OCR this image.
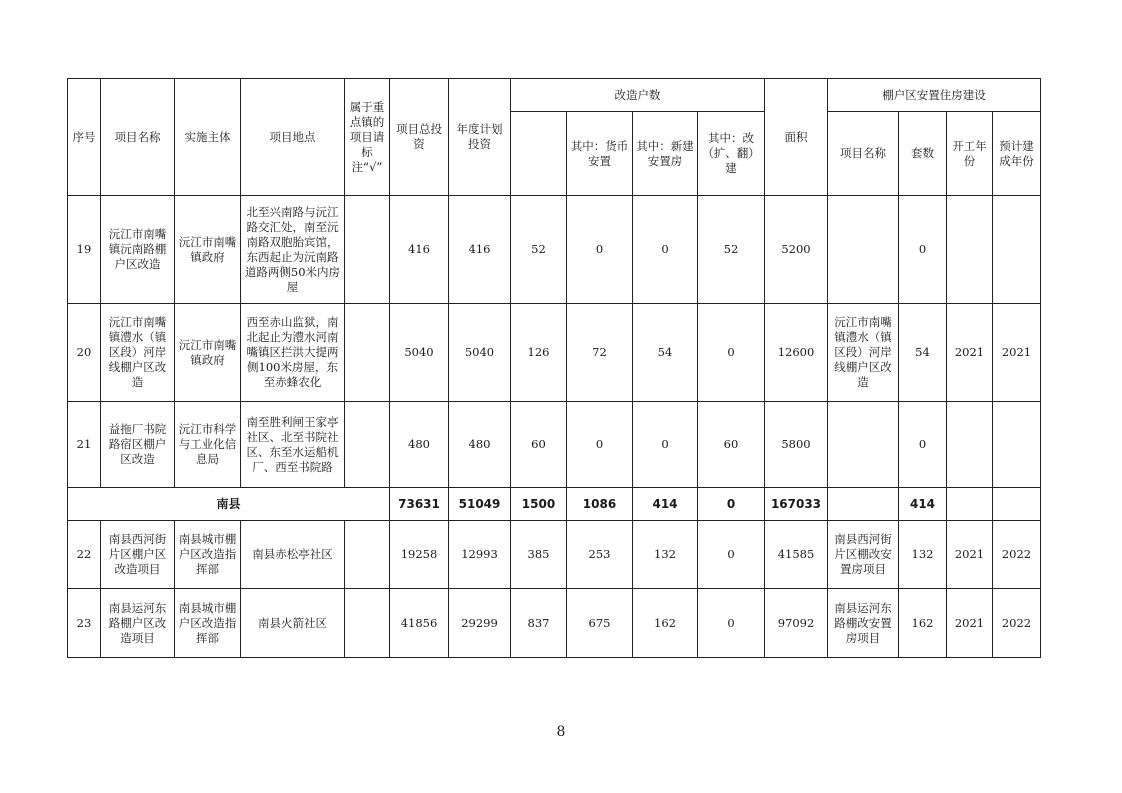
序号	项目名称	实施主体	项目地点	属于重点镇的项目请标注“√”	项目总投资	年度计划投资	改造户数				面积	棚户区安置住房建设			
								其中：货币安置	其中：新建安置房	其中：改（扩、翻）建		项目名称	套数	开工年份	预计建成年份
19	沅江市南嘴镇沅南路棚户区改造	沅江市南嘴镇政府	北至兴南路与沅江路交汇处，南至沅南路双胞胎宾馆，东西起止为沅南路道路两侧50米内房屋		416	416	52	0	0	52	5200		0		
20	沅江市南嘴镇澧水（镇区段）河岸线棚户区改造	沅江市南嘴镇政府	西至赤山监狱，南北起止为澧水河南嘴镇区拦洪大提两侧100米房屋，东至赤蜂农化		5040	5040	126	72	54	0	12600	沅江市南嘴镇澧水（镇区段）河岸线棚户区改造	54	2021	2021
21	益拖厂书院路宿区棚户区改造	沅江市科学与工业化信息局	南至胜利闸王家亭社区、北至书院社区、东至水运船机厂、西至书院路		480	480	60	0	0	60	5800		0		
南县					73631	51049	1500	1086	414	0	167033		414		
22	南县西河街片区棚户区改造项目	南县城市棚户区改造指挥部	南县赤松亭社区		19258	12993	385	253	132	0	41585	南县西河街片区棚改安置房项目	132	2021	2022
23	南县运河东路棚户区改造项目	南县城市棚户区改造指挥部	南县火箭社区		41856	29299	837	675	162	0	97092	南县运河东路棚改安置房项目	162	2021	2022
8
